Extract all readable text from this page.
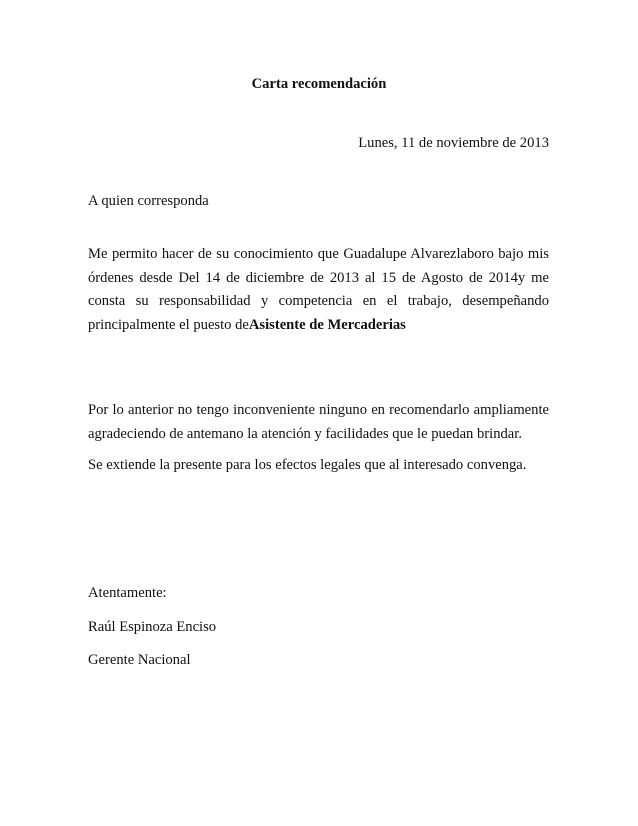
Carta recomendación
Lunes, 11 de noviembre de 2013
A quien corresponda
Me permito hacer de su conocimiento que Guadalupe Alvarezlaboro bajo mis órdenes desde Del 14 de diciembre de 2013 al 15 de Agosto de 2014y me consta su responsabilidad y competencia en el trabajo, desempeñando principalmente el puesto deAsistente de Mercaderias
Por lo anterior no tengo inconveniente ninguno en recomendarlo ampliamente agradeciendo de antemano la atención y facilidades que le puedan brindar.
Se extiende la presente para los efectos legales que al interesado convenga.
Atentamente:
Raúl Espinoza Enciso
Gerente Nacional
